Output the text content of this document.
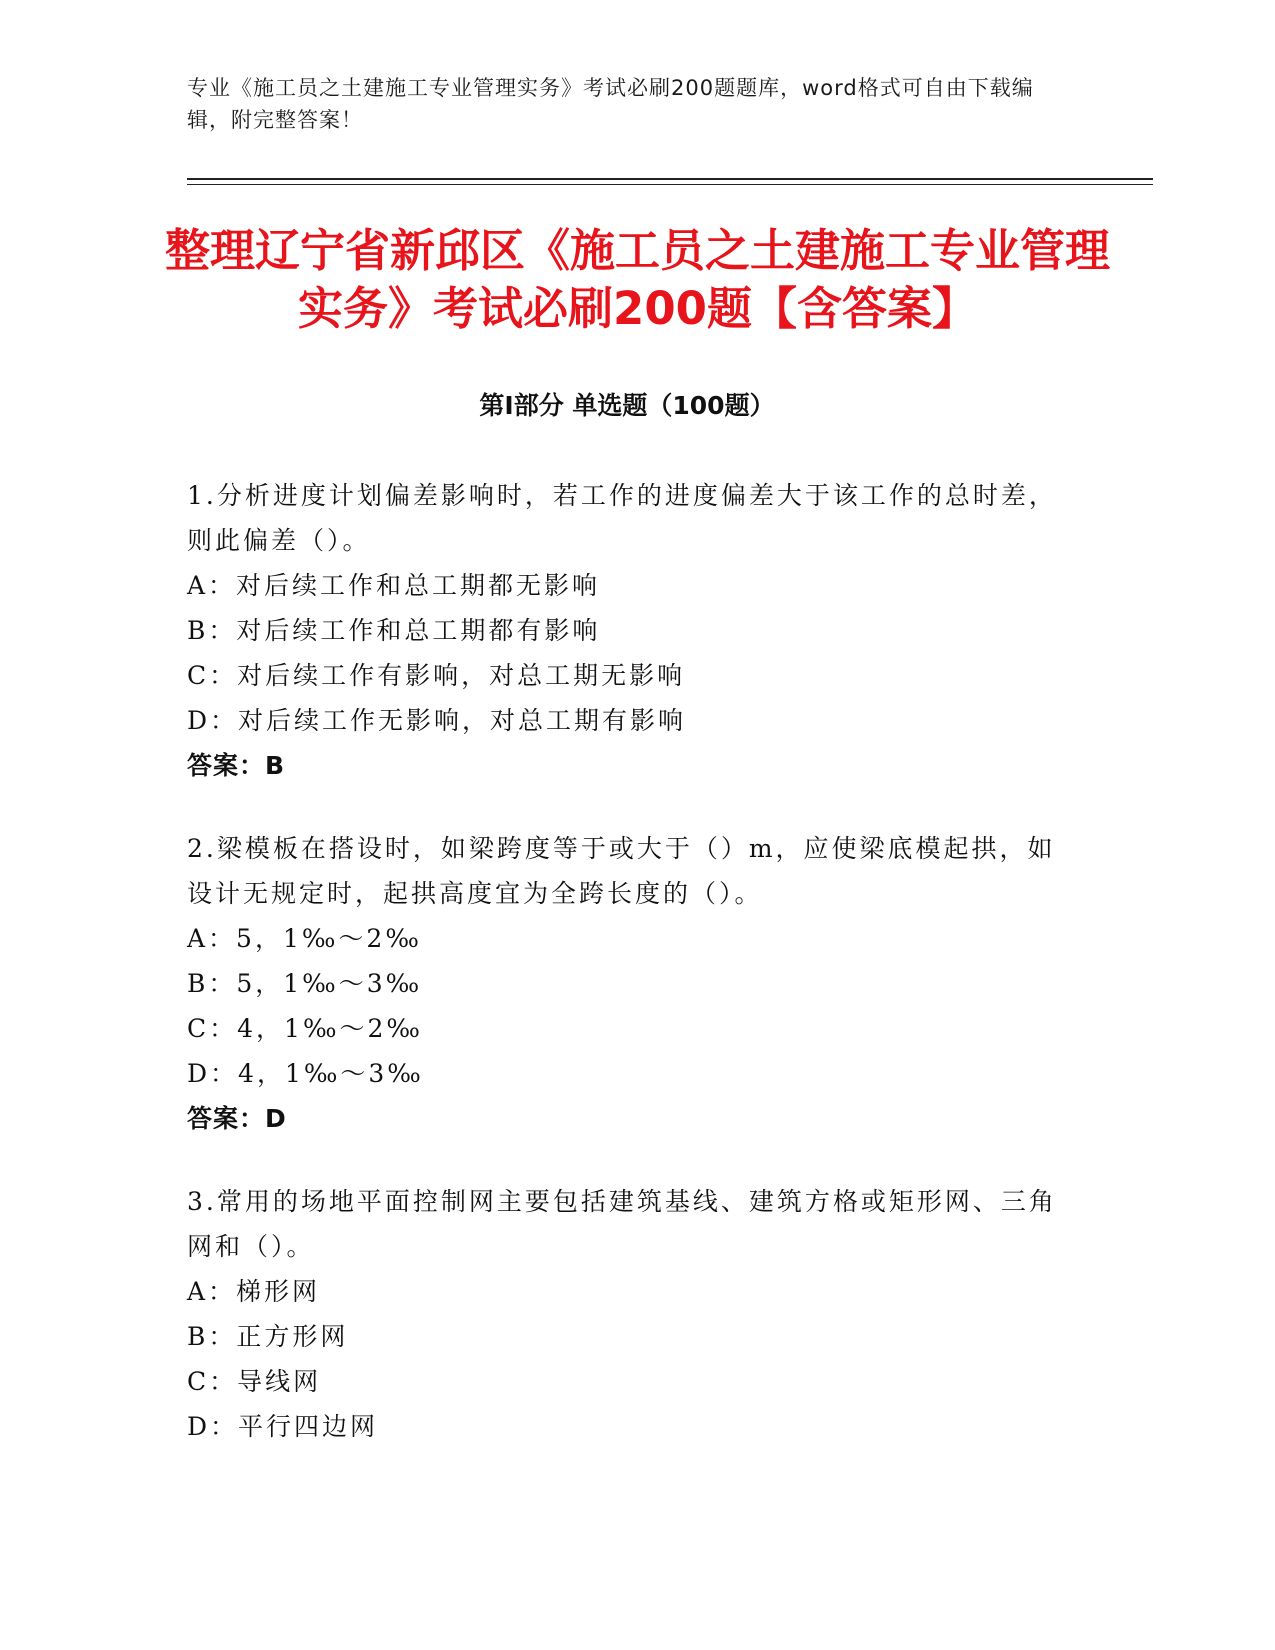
专业《施工员之土建施工专业管理实务》考试必刷200题题库，word格式可自由下载编辑，附完整答案！
整理辽宁省新邱区《施工员之土建施工专业管理实务》考试必刷200题【含答案】
第I部分 单选题（100题）
1.分析进度计划偏差影响时，若工作的进度偏差大于该工作的总时差，则此偏差（）。
A：对后续工作和总工期都无影响
B：对后续工作和总工期都有影响
C：对后续工作有影响，对总工期无影响
D：对后续工作无影响，对总工期有影响
答案：B
2.梁模板在搭设时，如梁跨度等于或大于（）m，应使梁底模起拱，如设计无规定时，起拱高度宜为全跨长度的（）。
A：5，1‰～2‰
B：5，1‰～3‰
C：4，1‰～2‰
D：4，1‰～3‰
答案：D
3.常用的场地平面控制网主要包括建筑基线、建筑方格或矩形网、三角网和（）。
A：梯形网
B：正方形网
C：导线网
D：平行四边网
